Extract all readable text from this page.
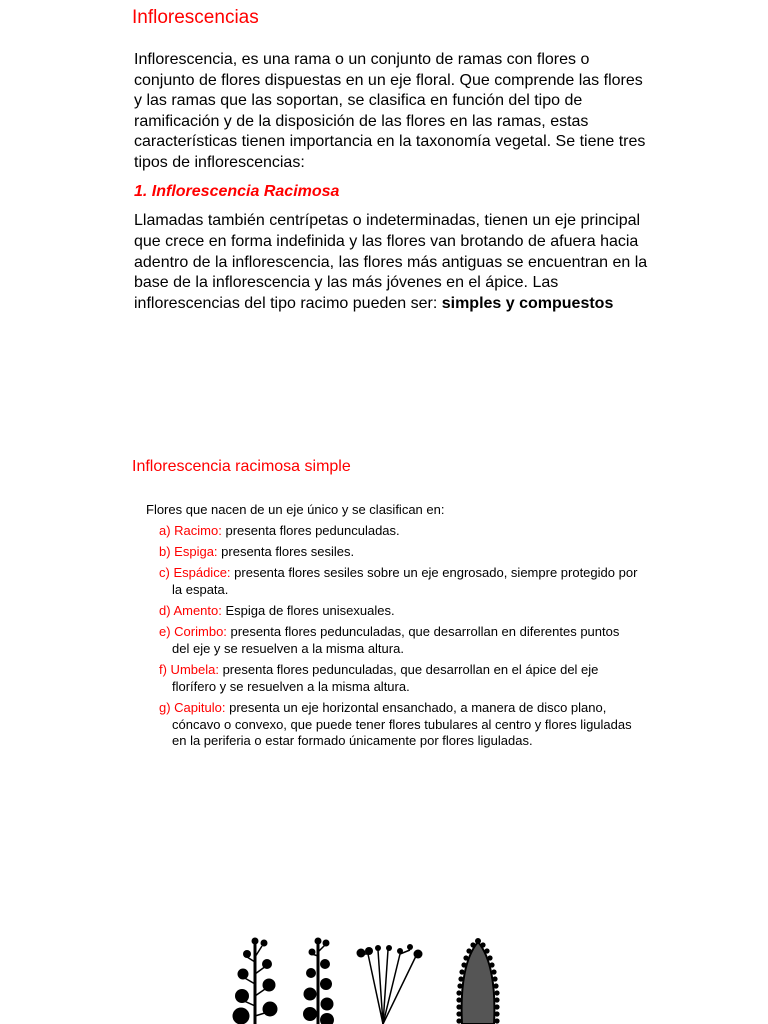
Inflorescencias

Inflorescencia, es una rama o un conjunto de ramas con flores o conjunto de flores dispuestas en un eje floral. Que comprende las flores y las ramas que las soportan, se clasifica en función del tipo de ramificación y de la disposición de las flores en las ramas, estas características tienen importancia en la taxonomía vegetal. Se tiene tres tipos de inflorescencias:

1. Inflorescencia Racimosa

Llamadas también centrípetas o indeterminadas, tienen un eje principal que crece en forma indefinida y las flores van brotando de afuera hacia adentro de la inflorescencia, las flores más antiguas se encuentran en la base de la inflorescencia y las más jóvenes en el ápice. Las inflorescencias del tipo racimo pueden ser: simples y compuestos

Inflorescencia racimosa simple

Flores que nacen de un eje único y se clasifican en:

a) Racimo: presenta flores pedunculadas.
b) Espiga: presenta flores sesiles.
c) Espádice: presenta flores sesiles sobre un eje engrosado, siempre protegido por la espata.
d) Amento: Espiga de flores unisexuales.
e) Corimbo: presenta flores pedunculadas, que desarrollan en diferentes puntos del eje y se resuelven a la misma altura.
f) Umbela: presenta flores pedunculadas, que desarrollan en el ápice del eje florífero y se resuelven a la misma altura.
g) Capitulo: presenta un eje horizontal ensanchado, a manera de disco plano, cóncavo o convexo, que puede tener flores tubulares al centro y flores liguladas en la periferia o estar formado únicamente por flores liguladas.
